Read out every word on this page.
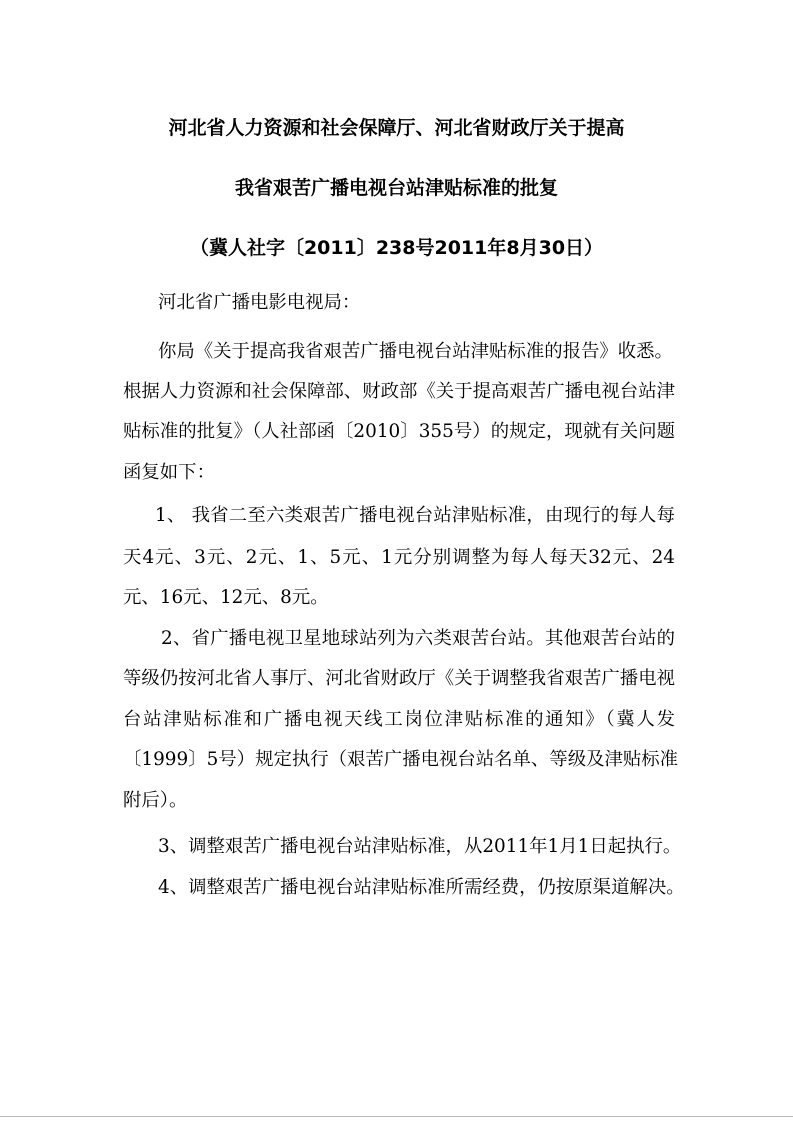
河北省人力资源和社会保障厅、河北省财政厅关于提高
我省艰苦广播电视台站津贴标准的批复
（冀人社字〔2011〕238号2011年8月30日）
河北省广播电影电视局：
你局《关于提高我省艰苦广播电视台站津贴标准的报告》收悉。
根据人力资源和社会保障部、财政部《关于提高艰苦广播电视台站津
贴标准的批复》（人社部函〔2010〕355号）的规定，现就有关问题
函复如下：
1、 我省二至六类艰苦广播电视台站津贴标准，由现行的每人每
天4元、3元、2元、1、5元、1元分别调整为每人每天32元、24
元、16元、12元、8元。
2、省广播电视卫星地球站列为六类艰苦台站。其他艰苦台站的
等级仍按河北省人事厅、河北省财政厅《关于调整我省艰苦广播电视
台站津贴标准和广播电视天线工岗位津贴标准的通知》（冀人发
〔1999〕5号）规定执行（艰苦广播电视台站名单、等级及津贴标准
附后）。
3、调整艰苦广播电视台站津贴标准，从2011年1月1日起执行。
4、调整艰苦广播电视台站津贴标准所需经费，仍按原渠道解决。
